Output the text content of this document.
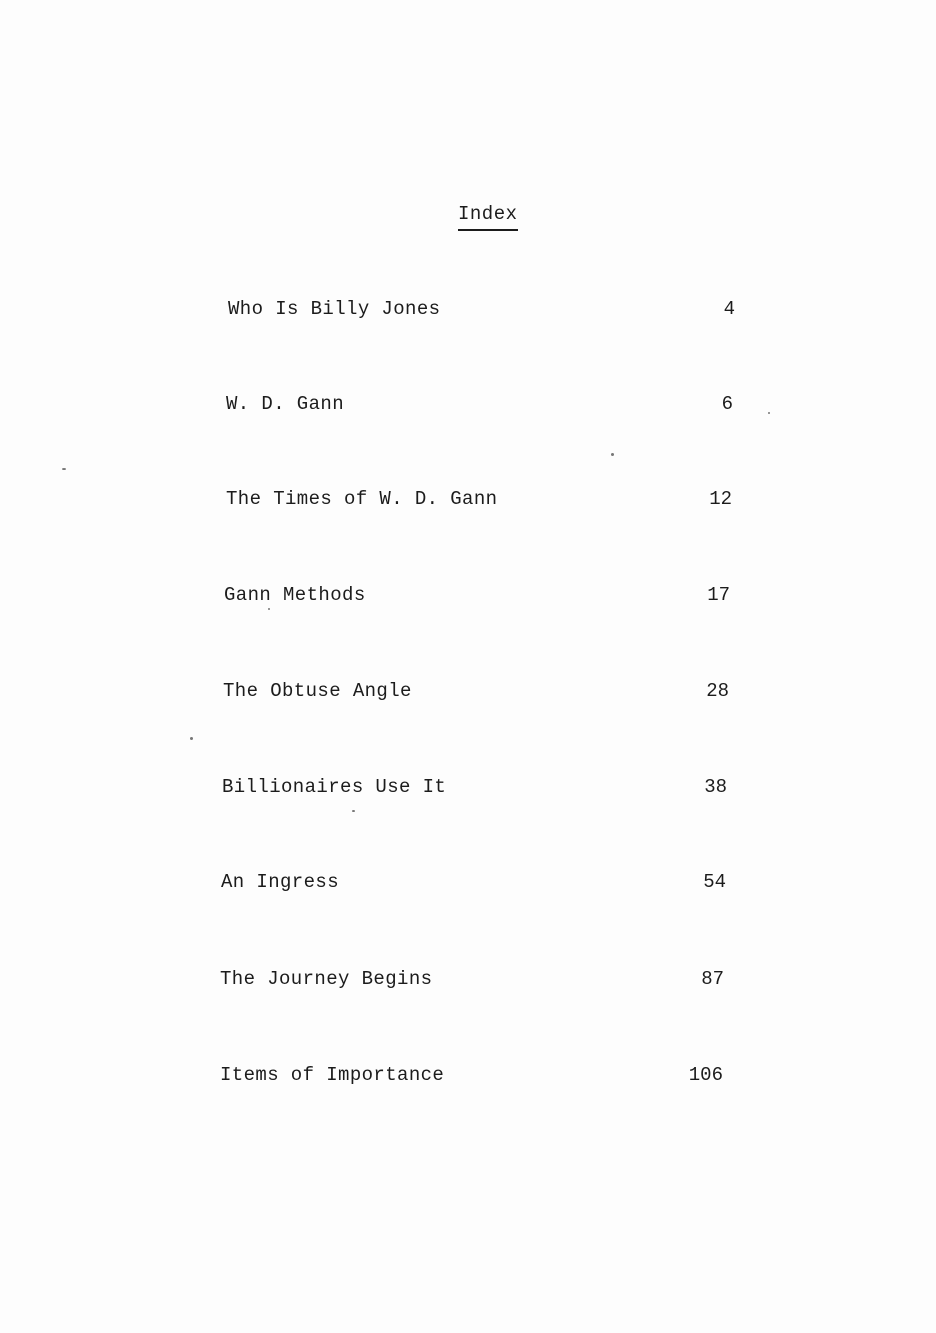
Index
Who Is Billy Jones	4
W. D. Gann	6
The Times of W. D. Gann	12
Gann Methods	17
The Obtuse Angle	28
Billionaires Use It	38
An Ingress	54
The Journey Begins	87
Items of Importance	106
